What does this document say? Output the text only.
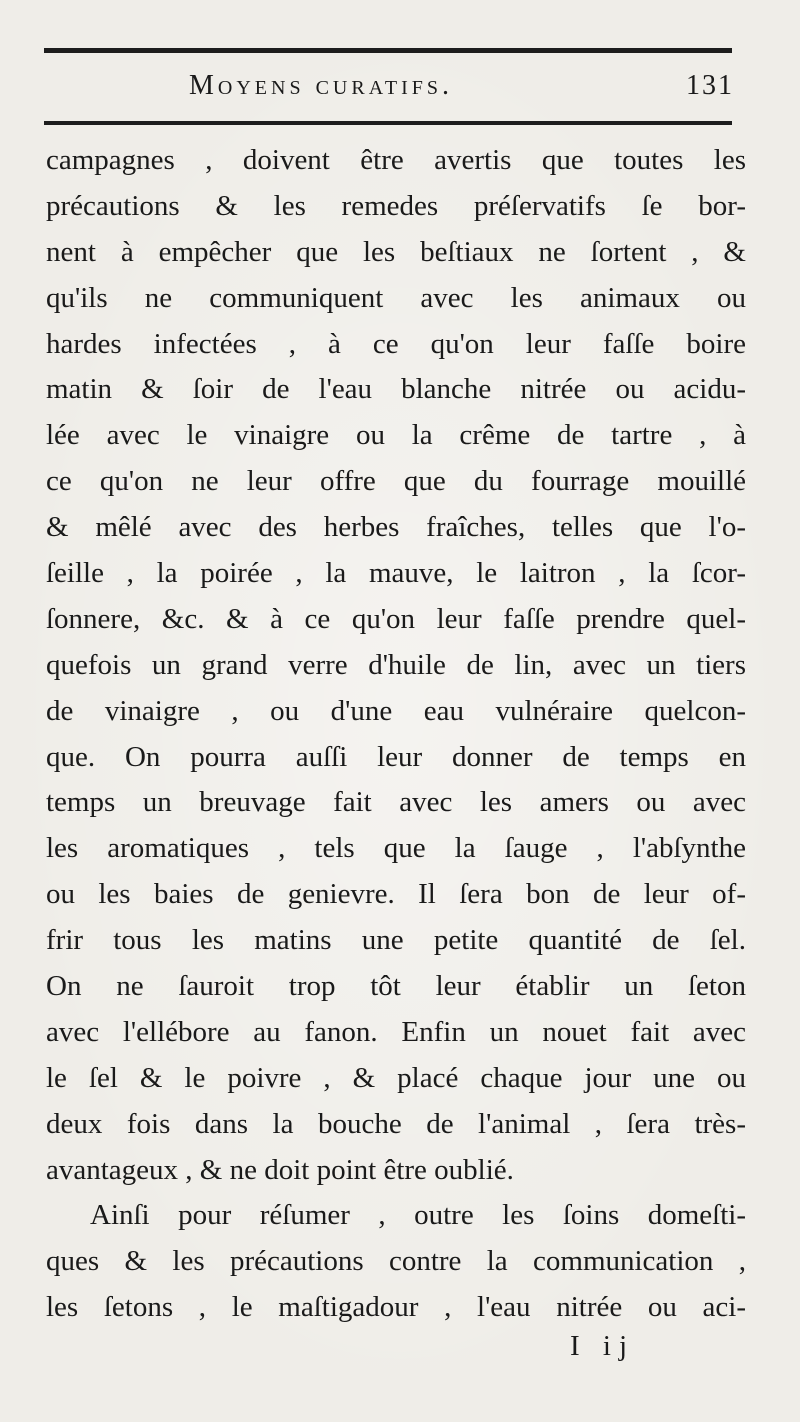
Moyens curatifs.	131
campagnes , doivent être avertis que toutes les
précautions & les remedes préſervatifs ſe bor-
nent à empêcher que les beſtiaux ne ſortent , &
qu'ils ne communiquent avec les animaux ou
hardes infectées , à ce qu'on leur faſſe boire
matin & ſoir de l'eau blanche nitrée ou acidu-
lée avec le vinaigre ou la crême de tartre , à
ce qu'on ne leur offre que du fourrage mouillé
& mêlé avec des herbes fraîches, telles que l'o-
ſeille , la poirée , la mauve, le laitron , la ſcor-
ſonnere, &c. & à ce qu'on leur faſſe prendre quel-
quefois un grand verre d'huile de lin, avec un tiers
de vinaigre , ou d'une eau vulnéraire quelcon-
que. On pourra auſſi leur donner de temps en
temps un breuvage fait avec les amers ou avec
les aromatiques , tels que la ſauge , l'abſynthe
ou les baies de genievre. Il ſera bon de leur of-
frir tous les matins une petite quantité de ſel.
On ne ſauroit trop tôt leur établir un ſeton
avec l'ellébore au fanon. Enfin un nouet fait avec
le ſel & le poivre , & placé chaque jour une ou
deux fois dans la bouche de l'animal , ſera très-
avantageux , & ne doit point être oublié.
Ainſi pour réſumer , outre les ſoins domeſti-
ques & les précautions contre la communication ,
les ſetons , le maſtigadour , l'eau nitrée ou aci-
I ij
